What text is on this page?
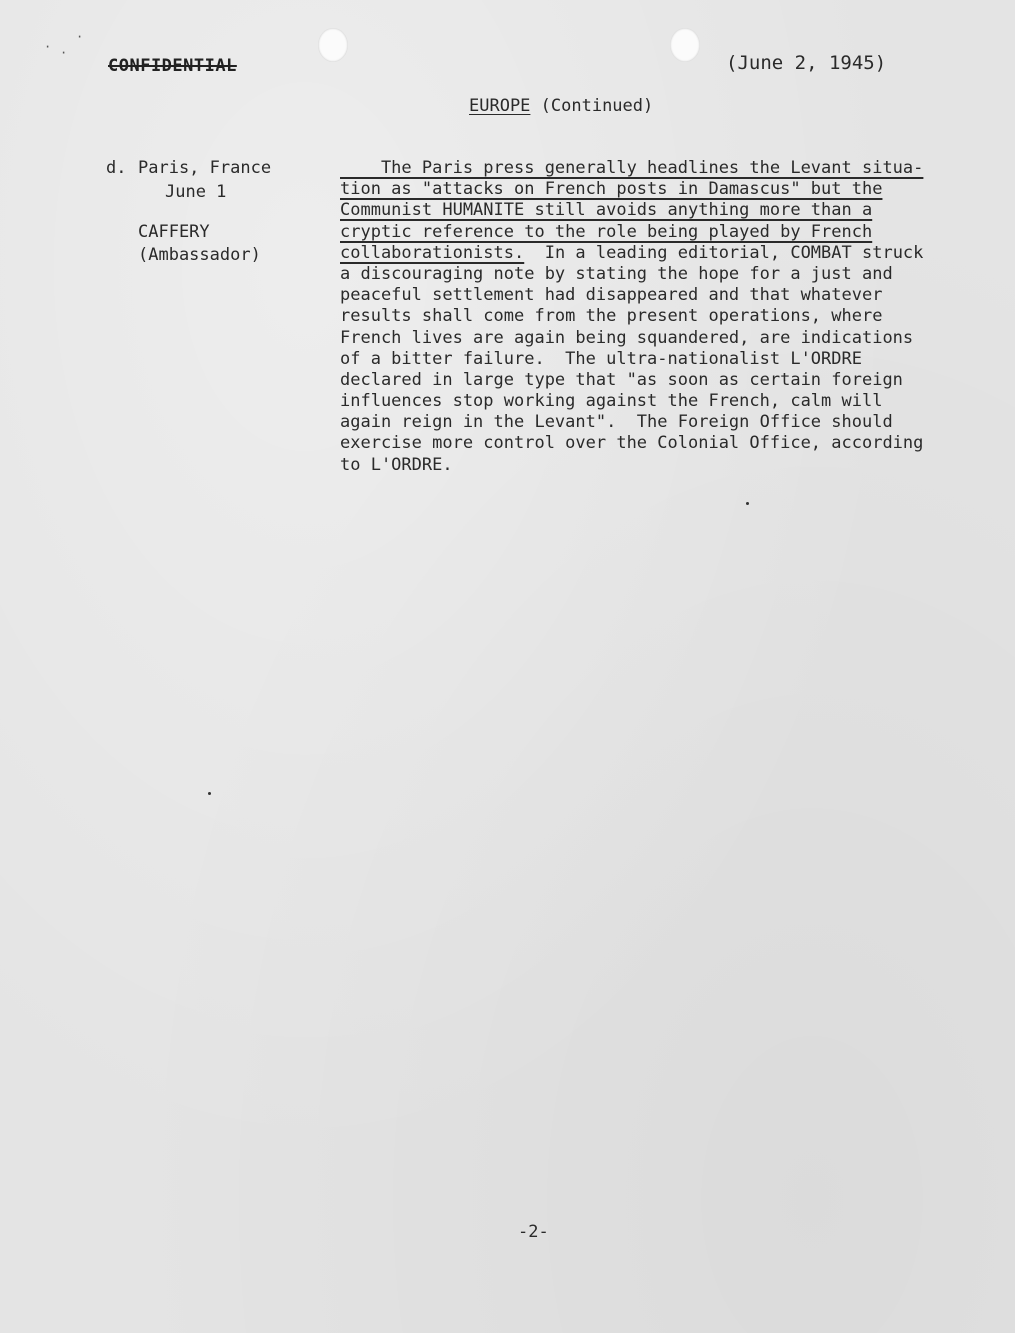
· ·
·
CONFIDENTIAL	(June 2, 1945)
EUROPE (Continued)
d. Paris, France
June 1
CAFFERY
(Ambassador)
The Paris press generally headlines the Levant situa-
tion as "attacks on French posts in Damascus" but the
Communist HUMANITE still avoids anything more than a
cryptic reference to the role being played by French
collaborationists.  In a leading editorial, COMBAT struck
a discouraging note by stating the hope for a just and
peaceful settlement had disappeared and that whatever
results shall come from the present operations, where
French lives are again being squandered, are indications
of a bitter failure.  The ultra-nationalist L'ORDRE
declared in large type that "as soon as certain foreign
influences stop working against the French, calm will
again reign in the Levant".  The Foreign Office should
exercise more control over the Colonial Office, according
to L'ORDRE.
-2-
